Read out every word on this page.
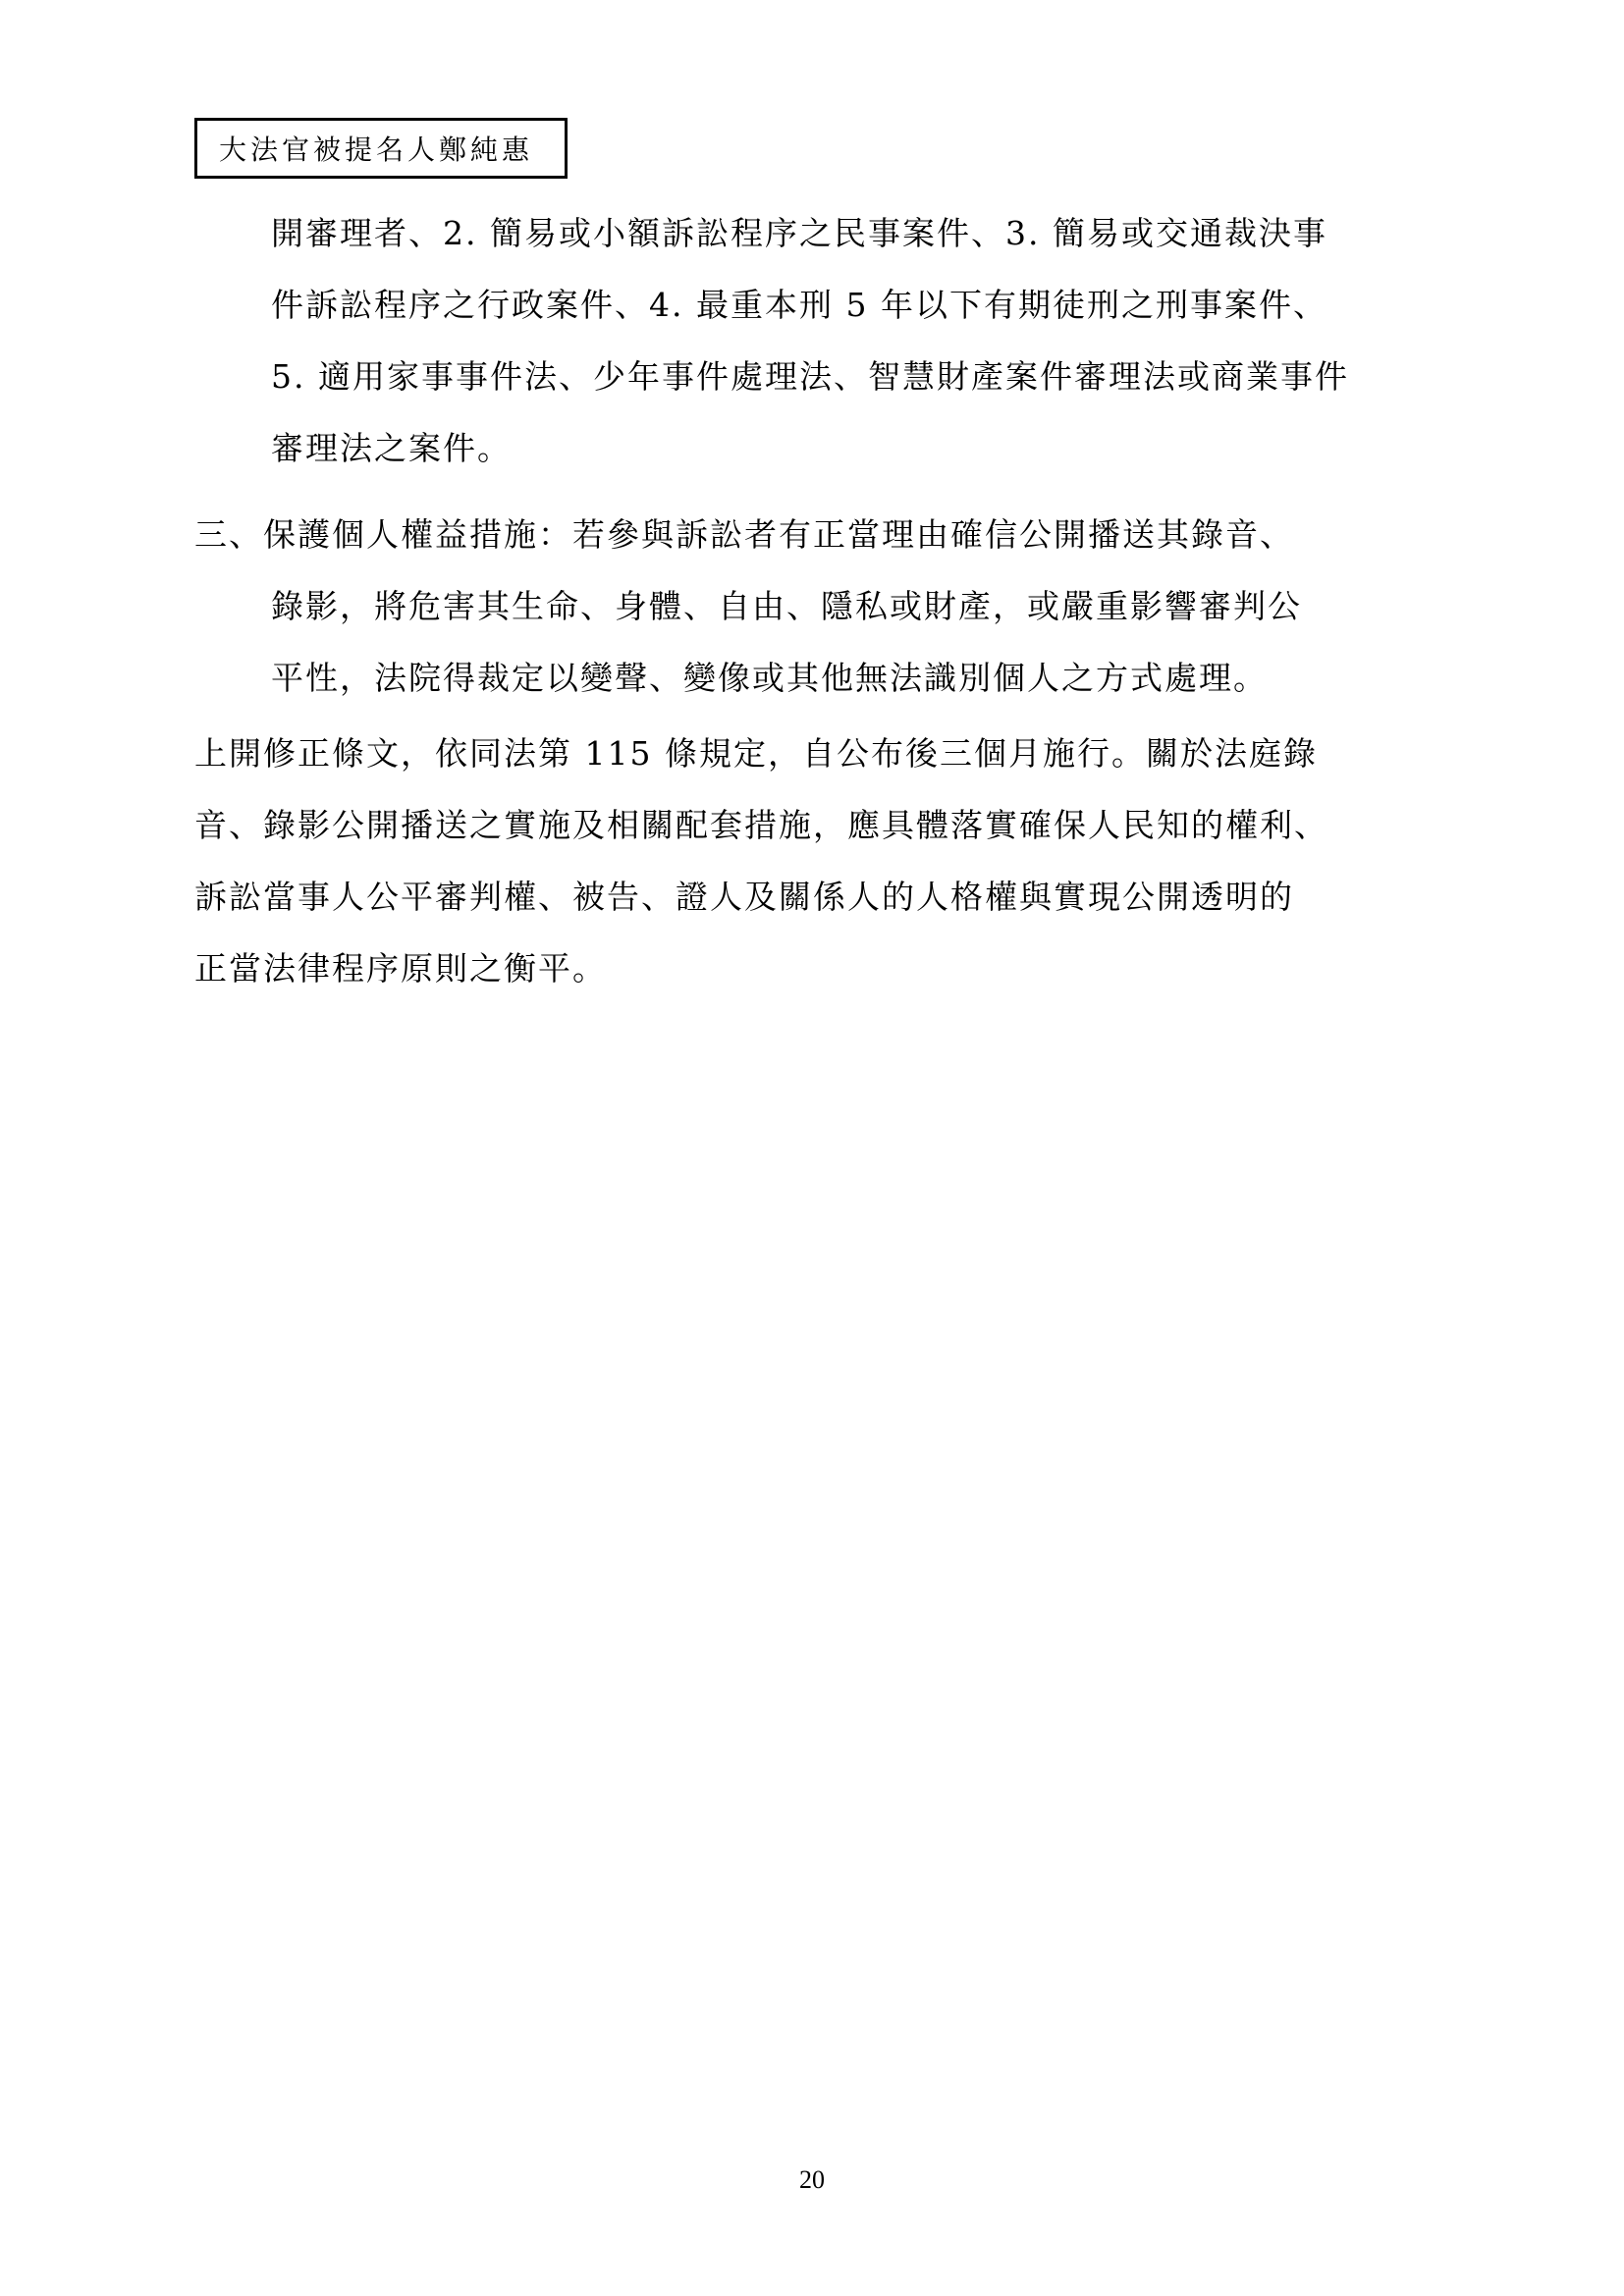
大法官被提名人鄭純惠
開審理者、2. 簡易或小額訴訟程序之民事案件、3. 簡易或交通裁決事
件訴訟程序之行政案件、4. 最重本刑 5 年以下有期徒刑之刑事案件、
5. 適用家事事件法、少年事件處理法、智慧財產案件審理法或商業事件
審理法之案件。
三、保護個人權益措施：若參與訴訟者有正當理由確信公開播送其錄音、
錄影，將危害其生命、身體、自由、隱私或財產，或嚴重影響審判公
平性，法院得裁定以變聲、變像或其他無法識別個人之方式處理。
上開修正條文，依同法第 115 條規定，自公布後三個月施行。關於法庭錄
音、錄影公開播送之實施及相關配套措施，應具體落實確保人民知的權利、
訴訟當事人公平審判權、被告、證人及關係人的人格權與實現公開透明的
正當法律程序原則之衡平。
20
